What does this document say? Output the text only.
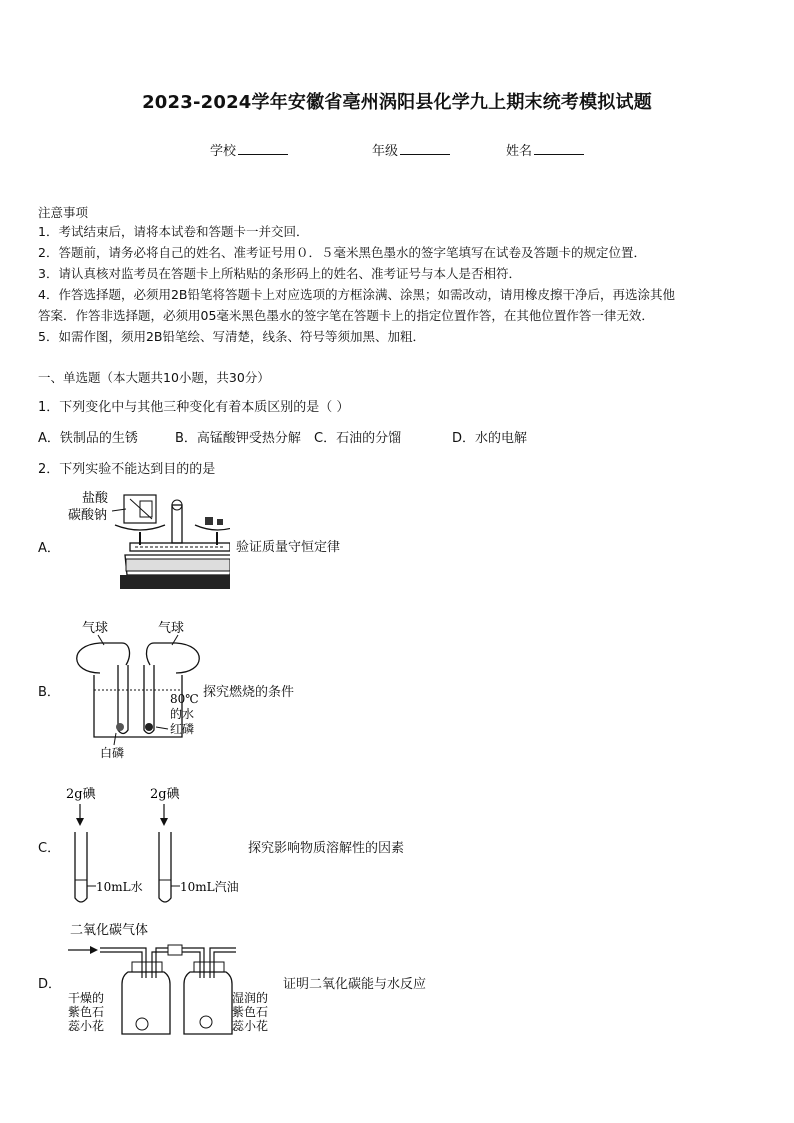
2023-2024学年安徽省亳州涡阳县化学九上期末统考模拟试题
学校	年级	姓名
注意事项
1．考试结束后，请将本试卷和答题卡一并交回．
2．答题前，请务必将自己的姓名、准考证号用０．５毫米黑色墨水的签字笔填写在试卷及答题卡的规定位置．
3．请认真核对监考员在答题卡上所粘贴的条形码上的姓名、准考证号与本人是否相符．
4．作答选择题，必须用2B铅笔将答题卡上对应选项的方框涂满、涂黑；如需改动，请用橡皮擦干净后，再选涂其他
答案．作答非选择题，必须用05毫米黑色墨水的签字笔在答题卡上的指定位置作答，在其他位置作答一律无效．
5．如需作图，须用2B铅笔绘、写清楚，线条、符号等须加黑、加粗．
一、单选题（本大题共10小题，共30分）
1．下列变化中与其他三种变化有着本质区别的是（ ）
A．铁制品的生锈	B．高锰酸钾受热分解 C．石油的分馏	D．水的电解
2．下列实验不能达到目的的是
A．	验证质量守恒定律
盐酸
碳酸钠
B．	探究燃烧的条件
气球	气球
80℃
的水
红磷
白磷
C．	探究影响物质溶解性的因素
2g碘	2g碘
10mL水	10mL汽油
D．	证明二氧化碳能与水反应
二氧化碳气体
干燥的
紫色石
蕊小花
湿润的
紫色石
蕊小花
